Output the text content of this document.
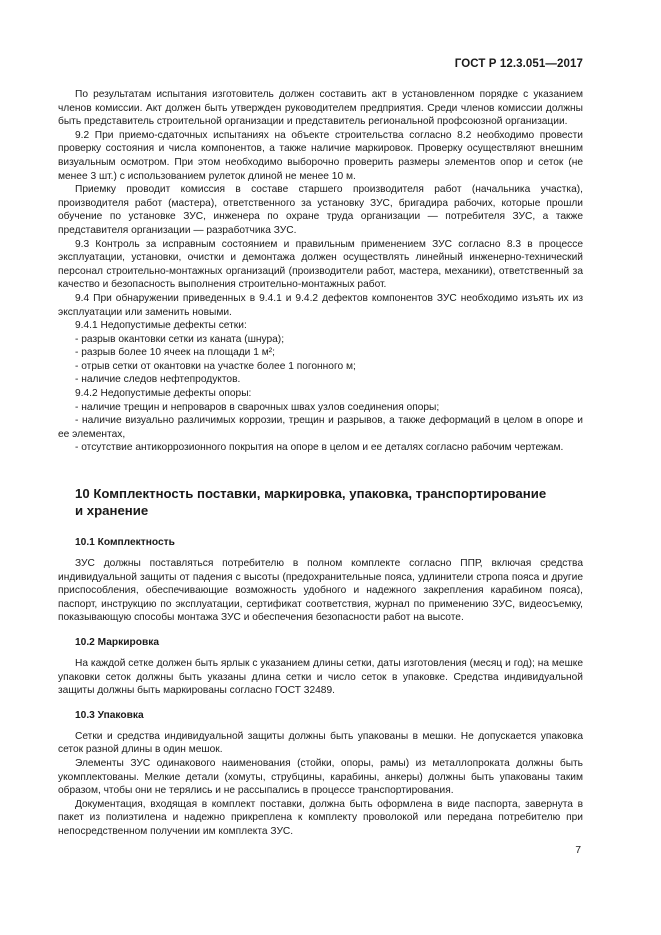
ГОСТ Р 12.3.051—2017

По результатам испытания изготовитель должен составить акт в установленном порядке с указанием членов комиссии. Акт должен быть утвержден руководителем предприятия. Среди членов комиссии должны быть представитель строительной организации и представитель региональной профсоюзной организации.

9.2 При приемо-сдаточных испытаниях на объекте строительства согласно 8.2 необходимо провести проверку состояния и числа компонентов, а также наличие маркировок. Проверку осуществляют внешним визуальным осмотром. При этом необходимо выборочно проверить размеры элементов опор и сеток (не менее 3 шт.) с использованием рулеток длиной не менее 10 м.

Приемку проводит комиссия в составе старшего производителя работ (начальника участка), производителя работ (мастера), ответственного за установку ЗУС, бригадира рабочих, которые прошли обучение по установке ЗУС, инженера по охране труда организации — потребителя ЗУС, а также представителя организации — разработчика ЗУС.

9.3 Контроль за исправным состоянием и правильным применением ЗУС согласно 8.3 в процессе эксплуатации, установки, очистки и демонтажа должен осуществлять линейный инженерно-технический персонал строительно-монтажных организаций (производители работ, мастера, механики), ответственный за качество и безопасность выполнения строительно-монтажных работ.

9.4 При обнаружении приведенных в 9.4.1 и 9.4.2 дефектов компонентов ЗУС необходимо изъять их из эксплуатации или заменить новыми.

9.4.1 Недопустимые дефекты сетки:

- разрыв окантовки сетки из каната (шнура);

- разрыв более 10 ячеек на площади 1 м²;

- отрыв сетки от окантовки на участке более 1 погонного м;

- наличие следов нефтепродуктов.

9.4.2 Недопустимые дефекты опоры:

- наличие трещин и непроваров в сварочных швах узлов соединения опоры;

- наличие визуально различимых коррозии, трещин и разрывов, а также деформаций в целом в опоре и ее элементах,

- отсутствие антикоррозионного покрытия на опоре в целом и ее деталях согласно рабочим чертежам.

10 Комплектность поставки, маркировка, упаковка, транспортирование
и хранение
10.1 Комплектность

ЗУС должны поставляться потребителю в полном комплекте согласно ППР, включая средства индивидуальной защиты от падения с высоты (предохранительные пояса, удлинители стропа пояса и другие приспособления, обеспечивающие возможность удобного и надежного закрепления карабином пояса), паспорт, инструкцию по эксплуатации, сертификат соответствия, журнал по применению ЗУС, видеосъемку, показывающую способы монтажа ЗУС и обеспечения безопасности работ на высоте.

10.2 Маркировка

На каждой сетке должен быть ярлык с указанием длины сетки, даты изготовления (месяц и год); на мешке упаковки сеток должны быть указаны длина сетки и число сеток в упаковке. Средства индивидуальной защиты должны быть маркированы согласно ГОСТ 32489.

10.3 Упаковка

Сетки и средства индивидуальной защиты должны быть упакованы в мешки. Не допускается упаковка сеток разной длины в один мешок.

Элементы ЗУС одинакового наименования (стойки, опоры, рамы) из металлопроката должны быть укомплектованы. Мелкие детали (хомуты, струбцины, карабины, анкеры) должны быть упакованы таким образом, чтобы они не терялись и не рассыпались в процессе транспортирования.

Документация, входящая в комплект поставки, должна быть оформлена в виде паспорта, завернута в пакет из полиэтилена и надежно прикреплена к комплекту проволокой или передана потребителю при непосредственном получении им комплекта ЗУС.

7
